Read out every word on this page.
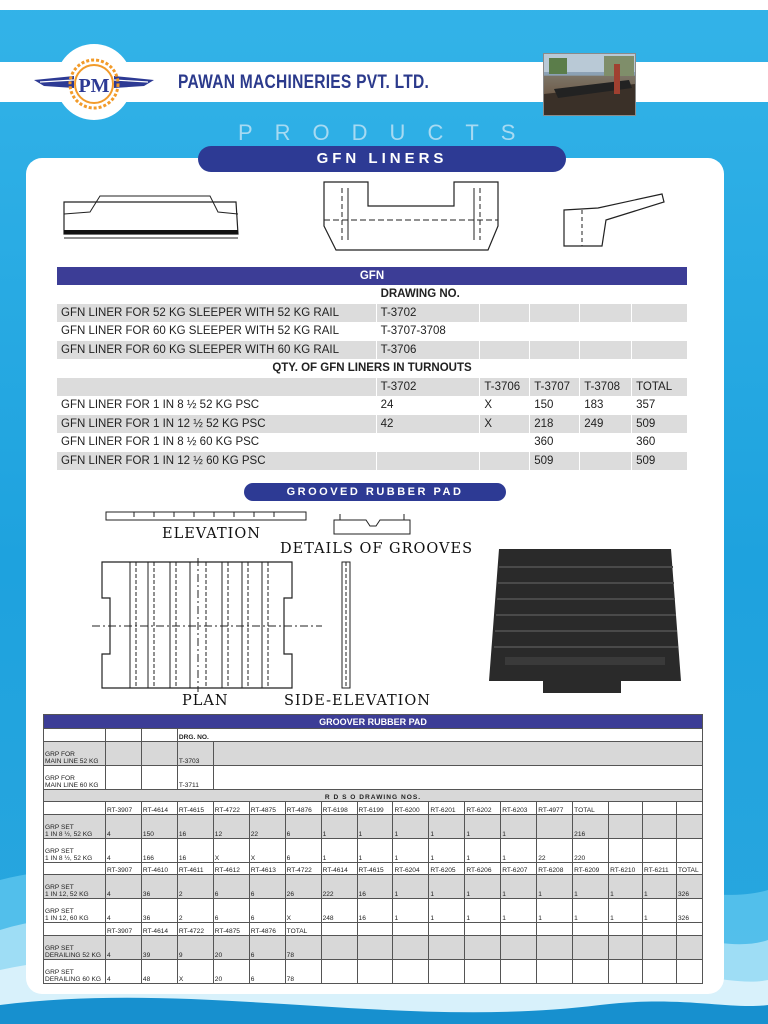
PM	PAWAN MACHINERIES PVT. LTD.
PRODUCTS
GFN LINERS
GFN					
	DRAWING NO.				
GFN LINER FOR 52 KG SLEEPER WITH 52 KG RAIL	T-3702				
GFN LINER FOR 60 KG SLEEPER WITH 52 KG RAIL	T-3707-3708				
GFN LINER FOR 60 KG SLEEPER WITH 60 KG RAIL	T-3706				
QTY. OF GFN LINERS IN TURNOUTS					
	T-3702	T-3706	T-3707	T-3708	TOTAL
GFN LINER FOR 1 IN 8 ½ 52 KG PSC	24	X	150	183	357
GFN LINER FOR 1 IN 12 ½ 52 KG PSC	42	X	218	249	509
GFN LINER FOR 1 IN 8 ½ 60 KG PSC			360		360
GFN LINER FOR 1 IN 12 ½ 60 KG PSC			509		509
GROOVED RUBBER PAD
ELEVATION
DETAILS OF GROOVES
PLAN	SIDE-ELEVATION
GROOVER RUBBER PAD																	
			DRG. NO.														

GRP FOR
MAIN LINE 52 KG			T-3703														

GRP FOR
MAIN LINE 60 KG			T-3711														
R D S O DRAWING NOS.																	
	RT-3907	RT-4614	RT-4615	RT-4722	RT-4875	RT-4876	RT-6198	RT-6199	RT-6200	RT-6201	RT-6202	RT-6203	RT-4977	TOTAL			

GRP SET
1 IN 8 ½, 52 KG	4	150	16	12	22	6	1	1	1	1	1	1		216			

GRP SET
1 IN 8 ½, 52 KG	4	166	16	X	X	6	1	1	1	1	1	1	22	220			
	RT-3907	RT-4610	RT-4611	RT-4612	RT-4613	RT-4722	RT-4614	RT-4615	RT-6204	RT-6205	RT-6206	RT-6207	RT-6208	RT-6209	RT-6210	RT-6211	TOTAL

GRP SET
1 IN 12, 52 KG	4	36	2	6	6	26	222	16	1	1	1	1	1	1	1	1	326

GRP SET
1 IN 12, 60 KG	4	36	2	6	6	X	248	16	1	1	1	1	1	1	1	1	326
	RT-3907	RT-4614	RT-4722	RT-4875	RT-4876	TOTAL											

GRP SET
DERAILING 52 KG	4	39	9	20	6	78											

GRP SET
DERAILING 60 KG	4	48	X	20	6	78											
